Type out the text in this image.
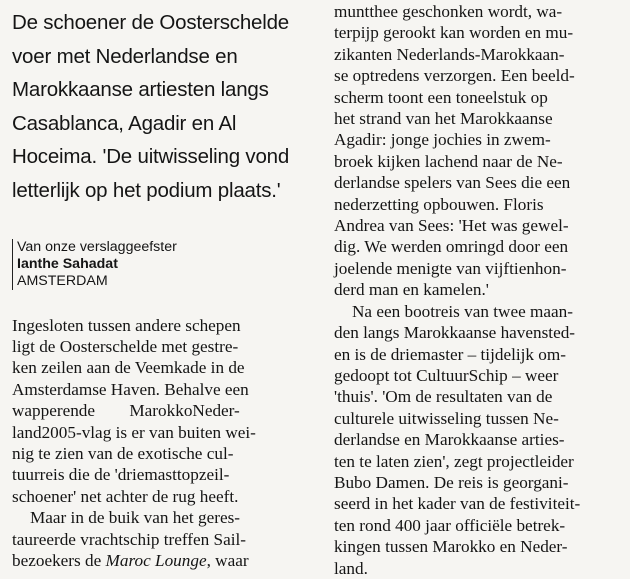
De schoener de Oosterschelde
voer met Nederlandse en
Marokkaanse artiesten langs
Casablanca, Agadir en Al
Hoceima. 'De uitwisseling vond
letterlijk op het podium plaats.'

Van onze verslaggeefster
Ianthe Sahadat
AMSTERDAM
Ingesloten tussen andere schepen
ligt de Oosterschelde met gestre-
ken zeilen aan de Veemkade in de
Amsterdamse Haven. Behalve een
wapperende        MarokkoNeder-
land2005-vlag is er van buiten wei-
nig te zien van de exotische cul-
tuurreis die de 'driemasttopzeil-
schoener' net achter de rug heeft.
Maar in de buik van het geres-
taureerde vrachtschip treffen Sail-
bezoekers de Maroc Lounge, waar
muntthee geschonken wordt, wa-
terpijp gerookt kan worden en mu-
zikanten Nederlands-Marokkaan-
se optredens verzorgen. Een beeld-
scherm toont een toneelstuk op
het strand van het Marokkaanse
Agadir: jonge jochies in zwem-
broek kijken lachend naar de Ne-
derlandse spelers van Sees die een
nederzetting opbouwen. Floris
Andrea van Sees: 'Het was gewel-
dig. We werden omringd door een
joelende menigte van vijftienhon-
derd man en kamelen.'
Na een bootreis van twee maan-
den langs Marokkaanse havensted-
en is de driemaster – tijdelijk om-
gedoopt tot CultuurSchip – weer
'thuis'. 'Om de resultaten van de
culturele uitwisseling tussen Ne-
derlandse en Marokkaanse arties-
ten te laten zien', zegt projectleider
Bubo Damen. De reis is georgani-
seerd in het kader van de festiviteit-
ten rond 400 jaar officiële betrek-
kingen tussen Marokko en Neder-
land.
